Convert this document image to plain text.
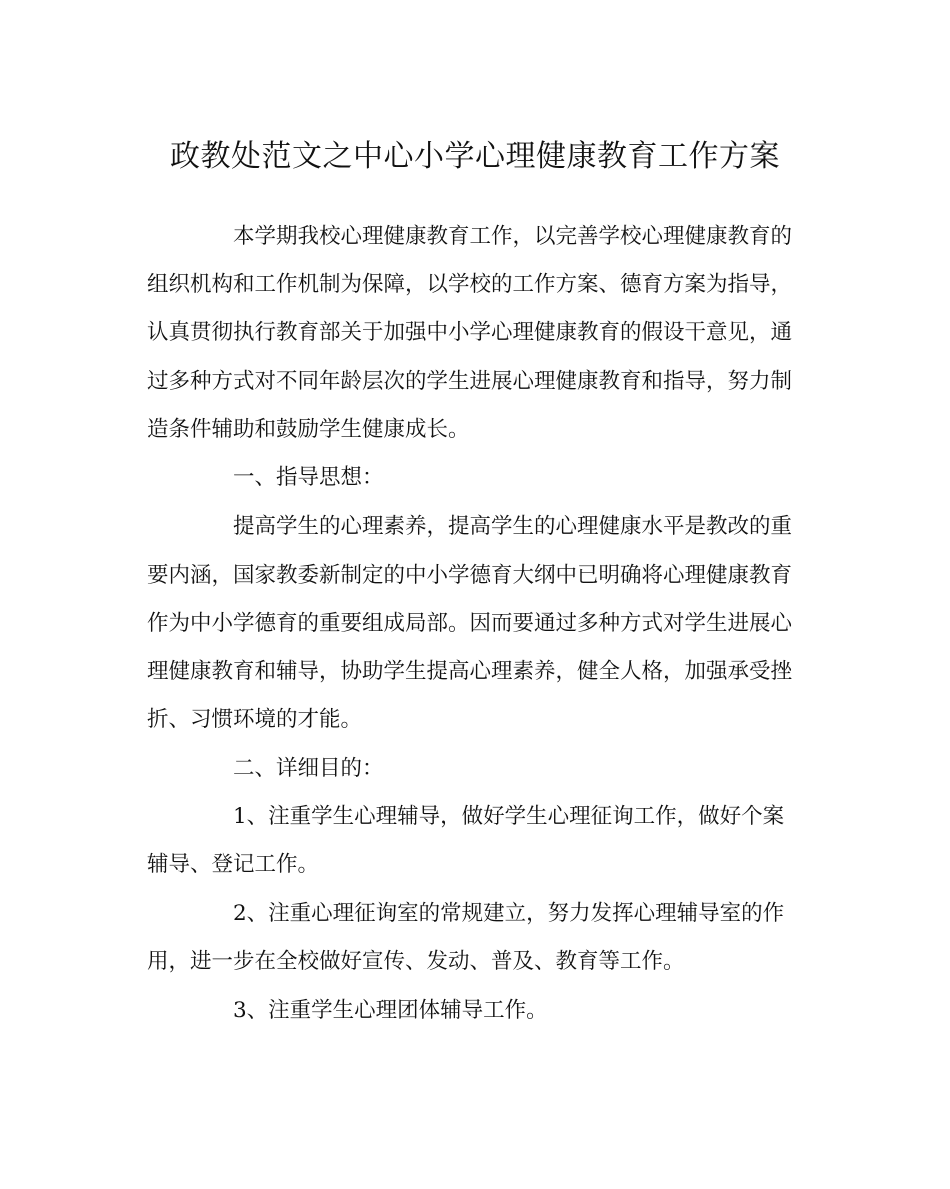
政教处范文之中心小学心理健康教育工作方案

本学期我校心理健康教育工作，以完善学校心理健康教育的

组织机构和工作机制为保障，以学校的工作方案、德育方案为指导，

认真贯彻执行教育部关于加强中小学心理健康教育的假设干意见，通

过多种方式对不同年龄层次的学生进展心理健康教育和指导，努力制

造条件辅助和鼓励学生健康成长。

一、指导思想：

提高学生的心理素养，提高学生的心理健康水平是教改的重

要内涵，国家教委新制定的中小学德育大纲中已明确将心理健康教育

作为中小学德育的重要组成局部。因而要通过多种方式对学生进展心

理健康教育和辅导，协助学生提高心理素养，健全人格，加强承受挫

折、习惯环境的才能。

二、详细目的：

1、注重学生心理辅导，做好学生心理征询工作，做好个案

辅导、登记工作。

2、注重心理征询室的常规建立，努力发挥心理辅导室的作

用，进一步在全校做好宣传、发动、普及、教育等工作。

3、注重学生心理团体辅导工作。
